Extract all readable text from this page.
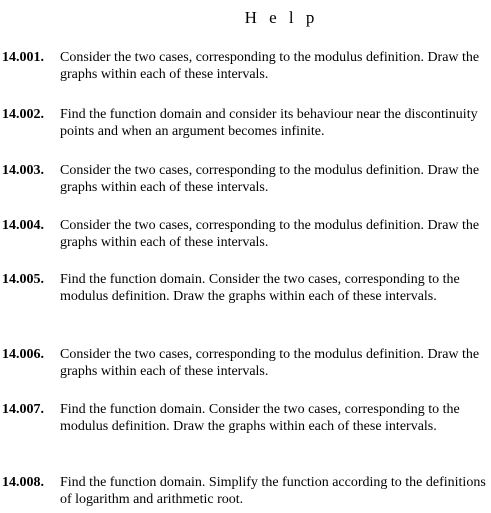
H e l p
14.001. Consider the two cases, corresponding to the modulus definition. Draw the graphs within each of these intervals.
14.002. Find the function domain and consider its behaviour near the discontinuity points and when an argument becomes infinite.
14.003. Consider the two cases, corresponding to the modulus definition. Draw the graphs within each of these intervals.
14.004. Consider the two cases, corresponding to the modulus definition. Draw the graphs within each of these intervals.
14.005. Find the function domain. Consider the two cases, corresponding to the modulus definition. Draw the graphs within each of these intervals.
14.006. Consider the two cases, corresponding to the modulus definition. Draw the graphs within each of these intervals.
14.007. Find the function domain. Consider the two cases, corresponding to the modulus definition. Draw the graphs within each of these intervals.
14.008. Find the function domain. Simplify the function according to the definitions of logarithm and arithmetic root.
